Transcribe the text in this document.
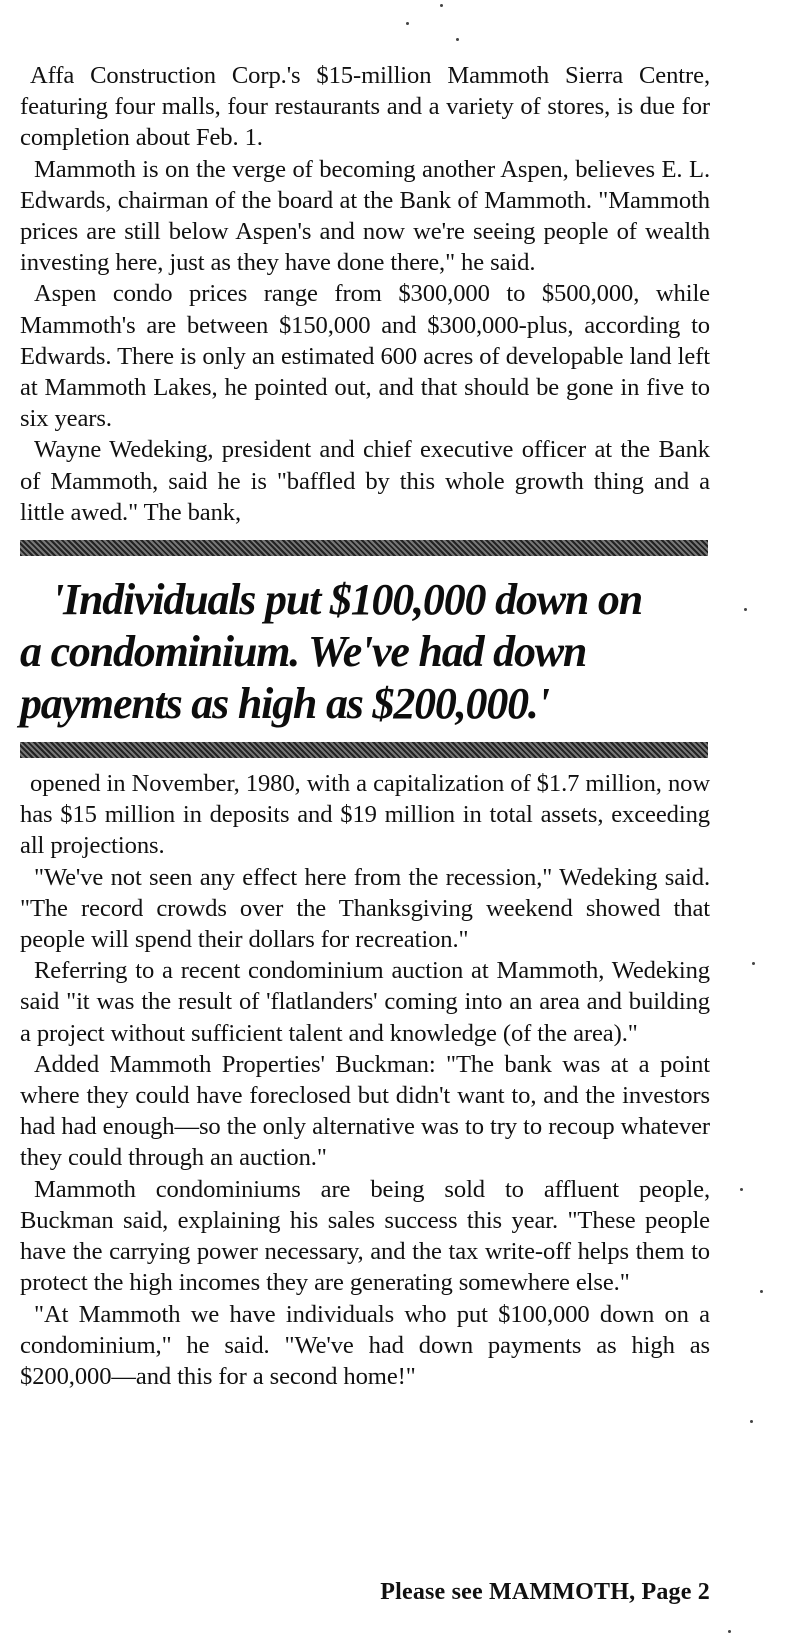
Affa Construction Corp.'s $15-million Mammoth Sierra Centre, featuring four malls, four restaurants and a variety of stores, is due for completion about Feb. 1.

Mammoth is on the verge of becoming another Aspen, believes E. L. Edwards, chairman of the board at the Bank of Mammoth. "Mammoth prices are still below Aspen's and now we're seeing people of wealth investing here, just as they have done there," he said.

Aspen condo prices range from $300,000 to $500,000, while Mammoth's are between $150,000 and $300,000-plus, according to Edwards. There is only an estimated 600 acres of developable land left at Mammoth Lakes, he pointed out, and that should be gone in five to six years.

Wayne Wedeking, president and chief executive officer at the Bank of Mammoth, said he is "baffled by this whole growth thing and a little awed." The bank,

'Individuals put $100,000 down on
a condominium. We've had down
payments as high as $200,000.'

opened in November, 1980, with a capitalization of $1.7 million, now has $15 million in deposits and $19 million in total assets, exceeding all projections.

"We've not seen any effect here from the recession," Wedeking said. "The record crowds over the Thanksgiving weekend showed that people will spend their dollars for recreation."

Referring to a recent condominium auction at Mammoth, Wedeking said "it was the result of 'flatlanders' coming into an area and building a project without sufficient talent and knowledge (of the area)."

Added Mammoth Properties' Buckman: "The bank was at a point where they could have foreclosed but didn't want to, and the investors had had enough—so the only alternative was to try to recoup whatever they could through an auction."

Mammoth condominiums are being sold to affluent people, Buckman said, explaining his sales success this year. "These people have the carrying power necessary, and the tax write-off helps them to protect the high incomes they are generating somewhere else."

"At Mammoth we have individuals who put $100,000 down on a condominium," he said. "We've had down payments as high as $200,000—and this for a second home!"

Please see MAMMOTH, Page 2
